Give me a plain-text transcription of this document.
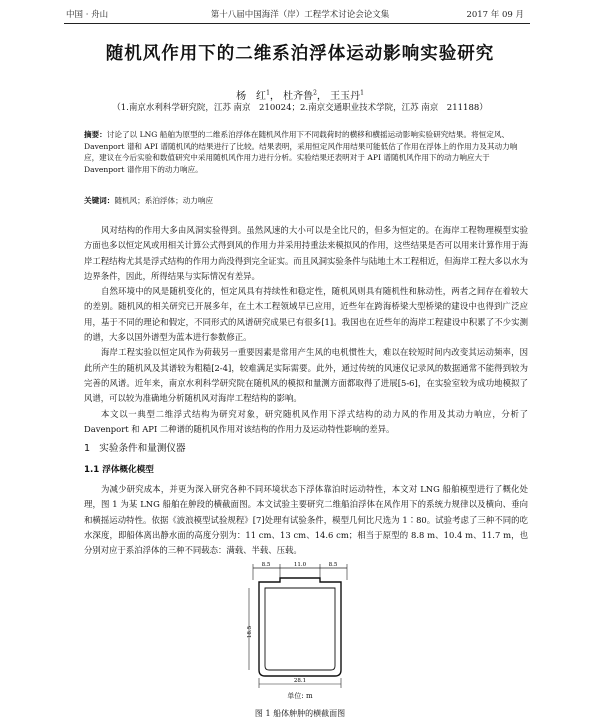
中国 · 舟山	第十八届中国海洋（岸）工程学术讨论会论文集	2017 年 09 月
随机风作用下的二维系泊浮体运动影响实验研究
杨　红$^1$， 杜齐鲁$^2$， 王玉丹$^1$
（1.南京水利科学研究院，江苏 南京　210024；2.南京交通职业技术学院，江苏 南京　211188）
摘要：讨论了以 LNG 船舶为原型的二维系泊浮体在随机风作用下不同载荷时的横移和横摇运动影响实验研究结果。将恒定风、Davenport 谱和 API 谱随机风的结果进行了比较。结果表明，采用恒定风作用结果可能低估了作用在浮体上的作用力及其动力响应，建议在今后实验和数值研究中采用随机风作用力进行分析。实验结果还表明对于 API 谱随机风作用下的动力响应大于 Davenport 谱作用下的动力响应。
关键词：随机风；系泊浮体；动力响应

风对结构的作用大多由风洞实验得到。虽然风速的大小可以是全比尺的，但多为恒定的。在海岸工程物理模型实验方面也多以恒定风或用相关计算公式得到风的作用力并采用持重法来模拟风的作用，这些结果是否可以用来计算作用于海岸工程结构尤其是浮式结构的作用力尚没得到完全证实。而且风洞实验条件与陆地土木工程相近，但海岸工程大多以水为边界条件，因此，所得结果与实际情况有差异。

自然环境中的风是随机变化的，恒定风具有持续性和稳定性，随机风则具有随机性和脉动性，两者之间存在着较大的差别。随机风的相关研究已开展多年，在土木工程领域早已应用，近些年在跨海桥梁大型桥梁的建设中也得到广泛应用，基于不同的理论和假定，不同形式的风谱研究成果已有很多[1]。我国也在近些年的海岸工程建设中积累了不少实测的谱，大多以国外谱型为蓝本进行参数修正。

海岸工程实验以恒定风作为荷载另一重要因素是常用产生风的电机惯性大，难以在较短时间内改变其运动频率，因此所产生的随机风及其谱较为粗糙[2-4]，较难满足实际需要。此外，通过传统的风速仪记录风的数据通常不能得到较为完善的风谱。近年来，南京水利科学研究院在随机风的模拟和量测方面都取得了进展[5-6]，在实验室较为成功地模拟了风谱，可以较为准确地分析随机风对海岸工程结构的影响。

本文以一典型二维浮式结构为研究对象，研究随机风作用下浮式结构的动力风的作用及其动力响应，分析了 Davenport 和 API 二种谱的随机风作用对该结构的作用力及运动特性影响的差异。

1 实验条件和量测仪器
1.1 浮体概化模型

为减少研究成本，并更为深入研究各种不同环境状态下浮体靠泊时运动特性，本文对 LNG 船舶模型进行了概化处理，图 1 为某 LNG 船舶在舯段的横截面图。本文试验主要研究二维船泊浮体在风作用下的系统力规律以及横向、垂向和横摇运动特性。依据《波浪模型试验规程》[7]处理有试验条件，模型几何比尺选为 1∶80。试验考虑了三种不同的吃水深度，即船体离出静水面的高度分别为：11 cm、13 cm、14.6 cm；相当于原型的 8.8 m、10.4 m、11.7 m，也分别对应于系泊浮体的三种不同载态：满载、半载、压载。

8.5	11.0	8.5
18.5
28.1
单位: m
图 1 船体舯肿的横截面图
